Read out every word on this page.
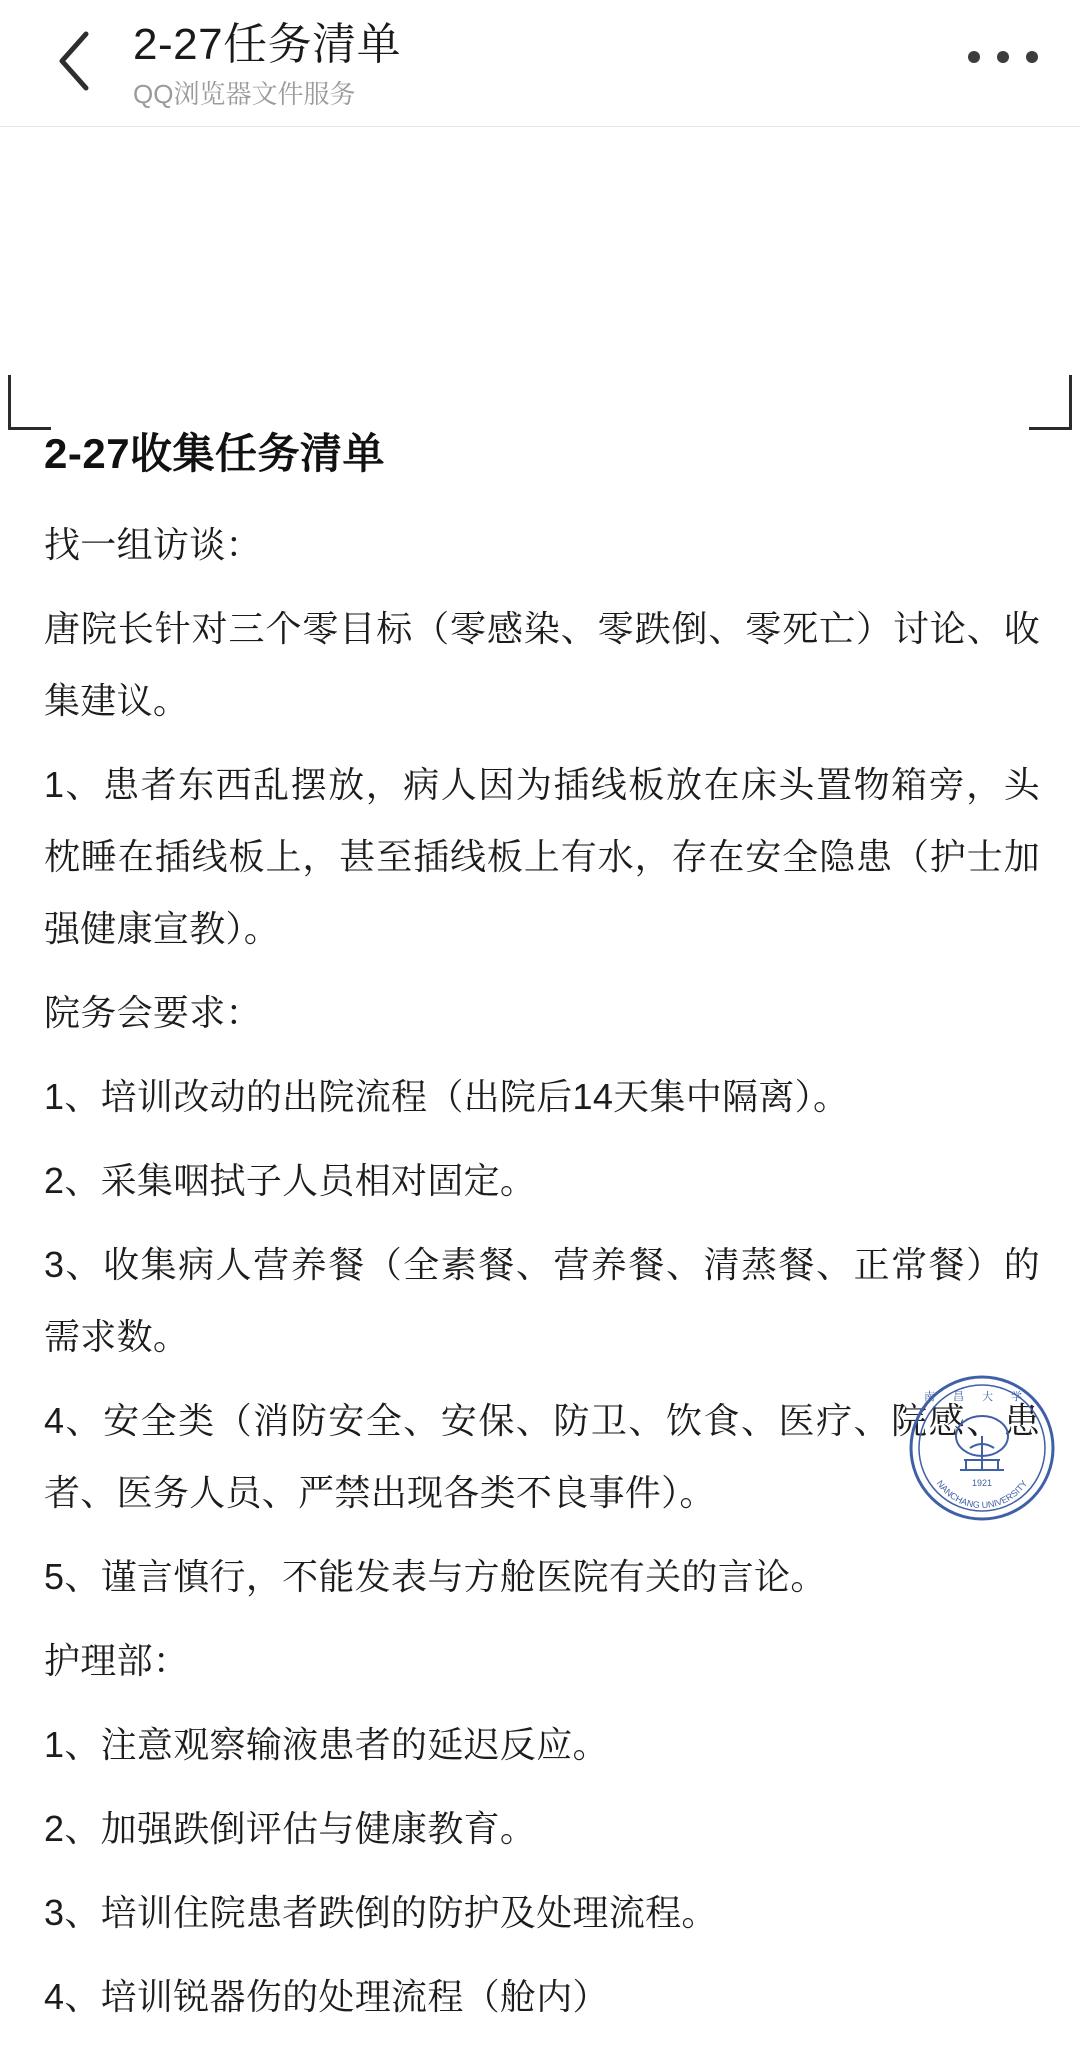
2-27任务清单
QQ浏览器文件服务
2-27收集任务清单

找一组访谈：

唐院长针对三个零目标（零感染、零跌倒、零死亡）讨论、收集建议。

1、患者东西乱摆放，病人因为插线板放在床头置物箱旁，头枕睡在插线板上，甚至插线板上有水，存在安全隐患（护士加强健康宣教）。

院务会要求：

1、培训改动的出院流程（出院后14天集中隔离）。

2、采集咽拭子人员相对固定。

3、收集病人营养餐（全素餐、营养餐、清蒸餐、正常餐）的需求数。

4、安全类（消防安全、安保、防卫、饮食、医疗、院感、患者、医务人员、严禁出现各类不良事件）。

5、谨言慎行，不能发表与方舱医院有关的言论。

护理部：

1、注意观察输液患者的延迟反应。

2、加强跌倒评估与健康教育。

3、培训住院患者跌倒的防护及处理流程。

4、培训锐器伤的处理流程（舱内）

南昌大学
1921
NANCHANG UNIVERSITY
